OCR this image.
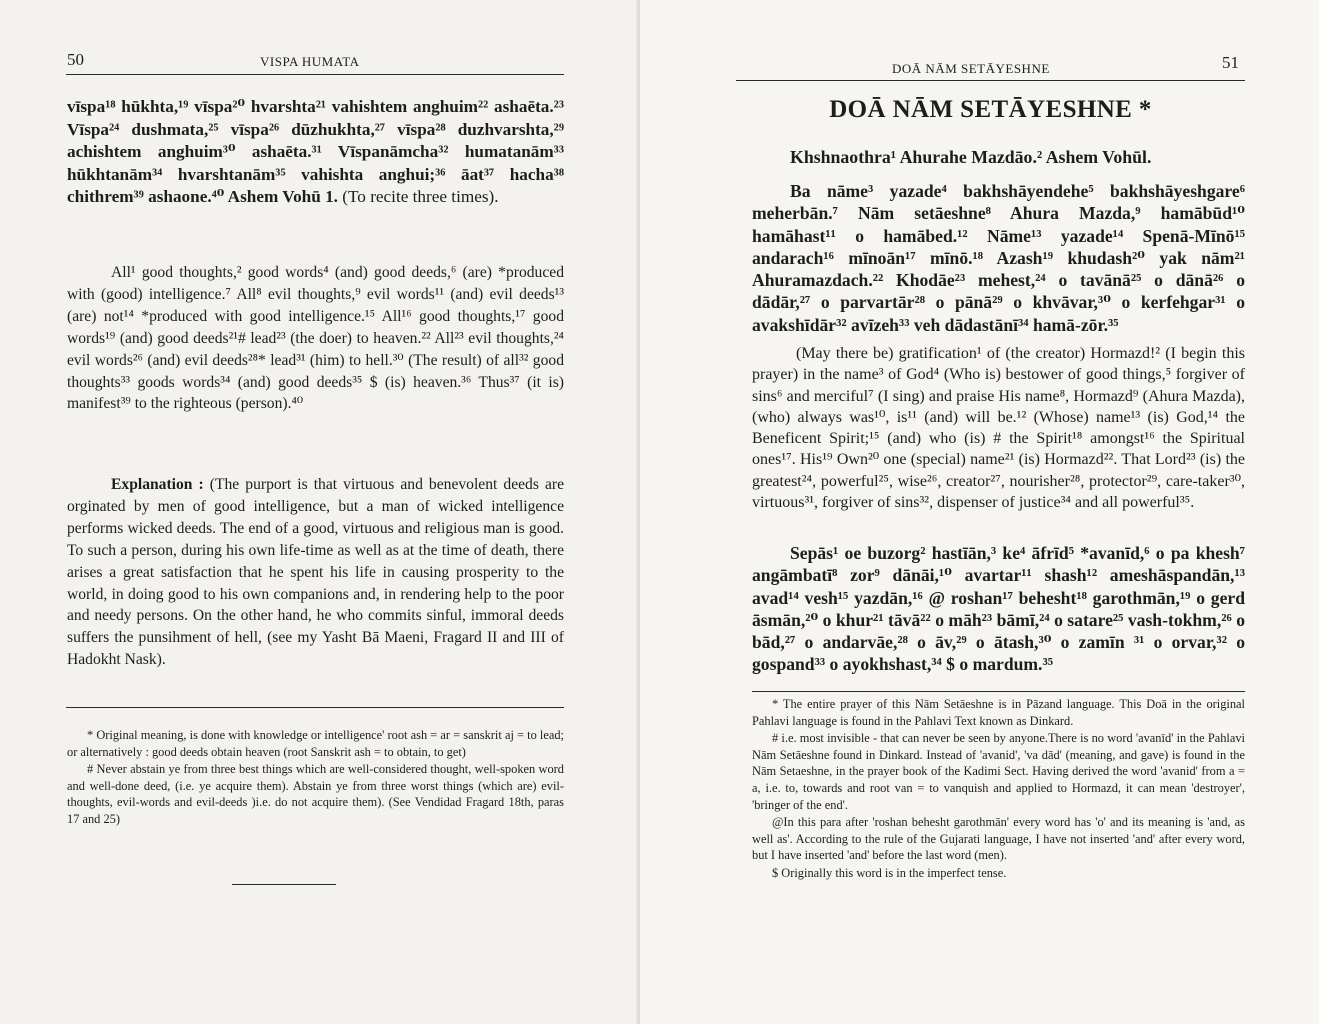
50	VISPA HUMATA
vīspa¹⁸ hūkhta,¹⁹ vīspa²⁰ hvarshta²¹ vahishtem anghuim²² ashaēta.²³ Vīspa²⁴ dushmata,²⁵ vīspa²⁶ dūzhukhta,²⁷ vīspa²⁸ duzhvarshta,²⁹ achishtem anghuim³⁰ ashaēta.³¹ Vīspanāmcha³² humatanām³³ hūkhtanām³⁴ hvarshtanām³⁵ vahishta anghui;³⁶ āat³⁷ hacha³⁸ chithrem³⁹ ashaone.⁴⁰ Ashem Vohū 1. (To recite three times).
All¹ good thoughts,² good words⁴ (and) good deeds,⁶ (are) *produced with (good) intelligence.⁷ All⁸ evil thoughts,⁹ evil words¹¹ (and) evil deeds¹³ (are) not¹⁴ *produced with good intelligence.¹⁵ All¹⁶ good thoughts,¹⁷ good words¹⁹ (and) good deeds²¹# lead²³ (the doer) to heaven.²² All²³ evil thoughts,²⁴ evil words²⁶ (and) evil deeds²⁸* lead³¹ (him) to hell.³⁰ (The result) of all³² good thoughts³³ goods words³⁴ (and) good deeds³⁵ $ (is) heaven.³⁶ Thus³⁷ (it is) manifest³⁹ to the righteous (person).⁴⁰
Explanation : (The purport is that virtuous and benevolent deeds are orginated by men of good intelligence, but a man of wicked intelligence performs wicked deeds. The end of a good, virtuous and religious man is good. To such a person, during his own life-time as well as at the time of death, there arises a great satisfaction that he spent his life in causing prosperity to the world, in doing good to his own companions and, in rendering help to the poor and needy persons. On the other hand, he who commits sinful, immoral deeds suffers the punsihment of hell, (see my Yasht Bā Maeni, Fragard II and III of Hadokht Nask).

* Original meaning, is done with knowledge or intelligence' root ash = ar = sanskrit aj = to lead; or alternatively : good deeds obtain heaven (root Sanskrit ash = to obtain, to get)

# Never abstain ye from three best things which are well-considered thought, well-spoken word and well-done deed, (i.e. ye acquire them). Abstain ye from three worst things (which are) evil-thoughts, evil-words and evil-deeds )i.e. do not acquire them). (See Vendidad Fragard 18th, paras 17 and 25)

DOĀ NĀM SETĀYESHNE	51
DOĀ NĀM SETĀYESHNE *
Khshnaothra¹ Ahurahe Mazdāo.² Ashem Vohūl.
Ba nāme³ yazade⁴ bakhshāyendehe⁵ bakhshāyeshgare⁶ meherbān.⁷ Nām setāeshne⁸ Ahura Mazda,⁹ hamābūd¹⁰ hamāhast¹¹ o hamābed.¹² Nāme¹³ yazade¹⁴ Spenā-Mīnō¹⁵ andarach¹⁶ mīnoān¹⁷ mīnō.¹⁸ Azash¹⁹ khudash²⁰ yak nām²¹ Ahuramazdach.²² Khodāe²³ mehest,²⁴ o tavānā²⁵ o dānā²⁶ o dādār,²⁷ o parvartār²⁸ o pānā²⁹ o khvāvar,³⁰ o kerfehgar³¹ o avakshīdār³² avīzeh³³ veh dādastānī³⁴ hamā-zōr.³⁵
(May there be) gratification¹ of (the creator) Hormazd!² (I begin this prayer) in the name³ of God⁴ (Who is) bestower of good things,⁵ forgiver of sins⁶ and merciful⁷ (I sing) and praise His name⁸, Hormazd⁹ (Ahura Mazda), (who) always was¹⁰, is¹¹ (and) will be.¹² (Whose) name¹³ (is) God,¹⁴ the Beneficent Spirit;¹⁵ (and) who (is) # the Spirit¹⁸ amongst¹⁶ the Spiritual ones¹⁷. His¹⁹ Own²⁰ one (special) name²¹ (is) Hormazd²². That Lord²³ (is) the greatest²⁴, powerful²⁵, wise²⁶, creator²⁷, nourisher²⁸, protector²⁹, care-taker³⁰, virtuous³¹, forgiver of sins³², dispenser of justice³⁴ and all powerful³⁵.
Sepās¹ oe buzorg² hastīān,³ ke⁴ āfrīd⁵ *avanīd,⁶ o pa khesh⁷ angāmbatī⁸ zor⁹ dānāi,¹⁰ avartar¹¹ shash¹² ameshāspandān,¹³ avad¹⁴ vesh¹⁵ yazdān,¹⁶ @ roshan¹⁷ behesht¹⁸ garothmān,¹⁹ o gerd āsmān,²⁰ o khur²¹ tāvā²² o māh²³ bāmī,²⁴ o satare²⁵ vash-tokhm,²⁶ o bād,²⁷ o andarvāe,²⁸ o āv,²⁹ o ātash,³⁰ o zamīn ³¹ o orvar,³² o gospand³³ o ayokhshast,³⁴ $ o mardum.³⁵

* The entire prayer of this Nām Setāeshne is in Pāzand language. This Doā in the original Pahlavi language is found in the Pahlavi Text known as Dinkard.

# i.e. most invisible - that can never be seen by anyone.There is no word 'avanīd' in the Pahlavi Nām Setāeshne found in Dinkard. Instead of 'avanid', 'va dād' (meaning, and gave) is found in the Nām Setaeshne, in the prayer book of the Kadimi Sect. Having derived the word 'avanid' from a = a, i.e. to, towards and root van = to vanquish and applied to Hormazd, it can mean 'destroyer', 'bringer of the end'.

@In this para after 'roshan behesht garothmān' every word has 'o' and its meaning is 'and, as well as'. According to the rule of the Gujarati language, I have not inserted 'and' after every word, but I have inserted 'and' before the last word (men).

$ Originally this word is in the imperfect tense.
